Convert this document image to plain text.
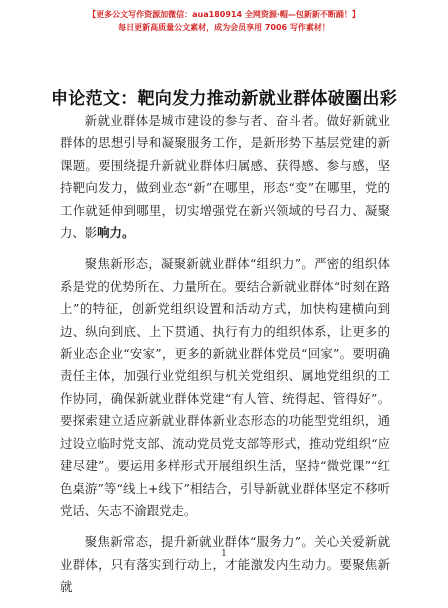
【更多公文写作资源加微信：aua180914 全网资源·帽—包新新不断踊！】
每日更新高质量公文素材，成为会员享用 7006 写作素材！
申论范文：靶向发力推动新就业群体破圈出彩

新就业群体是城市建设的参与者、奋斗者。做好新就业群体的思想引导和凝聚服务工作，是新形势下基层党建的新课题。要围绕提升新就业群体归属感、获得感、参与感，坚持靶向发力，做到业态“新”在哪里，形态“变”在哪里，党的工作就延伸到哪里，切实增强党在新兴领域的号召力、凝聚力、影响力。

聚焦新形态，凝聚新就业群体“组织力”。严密的组织体系是党的优势所在、力量所在。要结合新就业群体“时刻在路上”的特征，创新党组织设置和活动方式，加快构建横向到边、纵向到底、上下贯通、执行有力的组织体系，让更多的新业态企业“安家”，更多的新就业群体党员“回家”。要明确责任主体，加强行业党组织与机关党组织、属地党组织的工作协同，确保新就业群体党建“有人管、统得起、管得好”。要探索建立适应新就业群体新业态形态的功能型党组织，通过设立临时党支部、流动党员党支部等形式，推动党组织“应建尽建”。要运用多样形式开展组织生活，坚持“微党课”“红色桌游”等“线上+线下”相结合，引导新就业群体坚定不移听党话、矢志不渝跟党走。

聚焦新常态，提升新就业群体“服务力”。关心关爱新就业群体，只有落实到行动上，才能激发内生动力。要聚焦新就

1
